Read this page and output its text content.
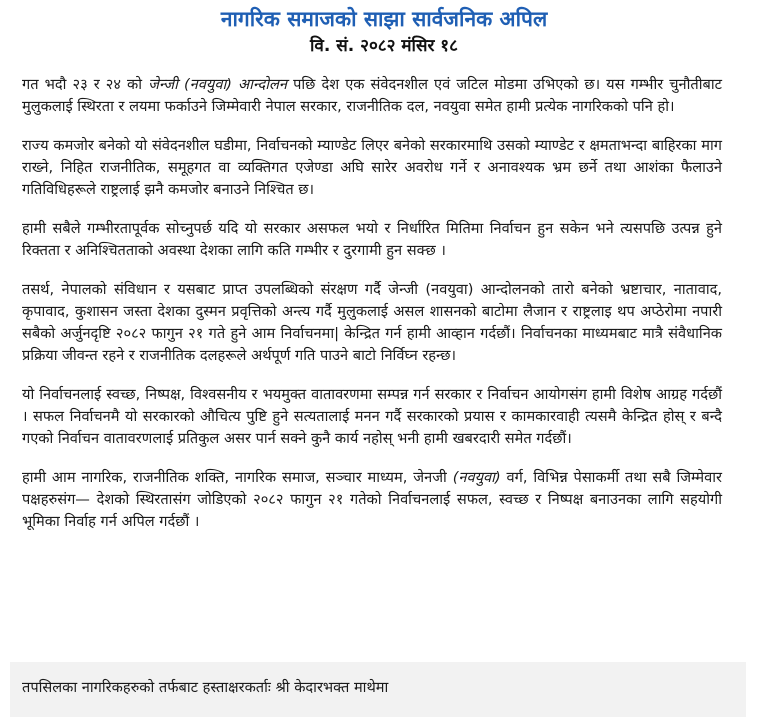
नागरिक समाजको साझा सार्वजनिक अपिल

वि. सं. २०८२ मंसिर १८

गत भदौ २३ र २४ को जेन्जी (नवयुवा) आन्दोलन पछि देश एक संवेदनशील एवं जटिल मोडमा उभिएको छ। यस गम्भीर चुनौतीबाट मुलुकलाई स्थिरता र लयमा फर्काउने जिम्मेवारी नेपाल सरकार, राजनीतिक दल, नवयुवा समेत हामी प्रत्येक नागरिकको पनि हो।

राज्य कमजोर बनेको यो संवेदनशील घडीमा, निर्वाचनको म्याण्डेट लिएर बनेको सरकारमाथि उसको म्याण्डेट र क्षमताभन्दा बाहिरका माग राख्ने, निहित राजनीतिक, समूहगत वा व्यक्तिगत एजेण्डा अघि सारेर अवरोध गर्ने र अनावश्यक भ्रम छर्ने तथा आशंका फैलाउने गतिविधिहरूले राष्ट्रलाई झनै कमजोर बनाउने निश्चित छ।

हामी सबैले गम्भीरतापूर्वक सोच्नुपर्छ यदि यो सरकार असफल भयो र निर्धारित मितिमा निर्वाचन हुन सकेन भने त्यसपछि उत्पन्न हुने रिक्तता र अनिश्चितताको अवस्था देशका लागि कति गम्भीर र दुरगामी हुन सक्छ ।

तसर्थ, नेपालको संविधान र यसबाट प्राप्त उपलब्धिको संरक्षण गर्दै जेन्जी (नवयुवा) आन्दोलनको तारो बनेको भ्रष्टाचार, नातावाद, कृपावाद, कुशासन जस्ता देशका दुस्मन प्रवृत्तिको अन्त्य गर्दै मुलुकलाई असल शासनको बाटोमा लैजान र राष्ट्रलाइ थप अप्ठेरोमा नपारी सबैको अर्जुनदृष्टि २०८२ फागुन २१ गते हुने आम निर्वाचनमा| केन्द्रित गर्न हामी आव्हान गर्दछौं। निर्वाचनका माध्यमबाट मात्रै संवैधानिक प्रक्रिया जीवन्त रहने र राजनीतिक दलहरूले अर्थपूर्ण गति पाउने बाटो निर्विघ्न रहन्छ।

यो निर्वाचनलाई स्वच्छ, निष्पक्ष, विश्वसनीय र भयमुक्त वातावरणमा सम्पन्न गर्न सरकार र निर्वाचन आयोगसंग हामी विशेष आग्रह गर्दछौं । सफल निर्वाचनमै यो सरकारको औचित्य पुष्टि हुने सत्यतालाई मनन गर्दै सरकारको प्रयास र कामकारवाही त्यसमै केन्द्रित होस् र बन्दै गएको निर्वाचन वातावरणलाई प्रतिकुल असर पार्न सक्ने कुनै कार्य नहोस् भनी हामी खबरदारी समेत गर्दछौं।

हामी आम नागरिक, राजनीतिक शक्ति, नागरिक समाज, सञ्चार माध्यम, जेनजी (नवयुवा) वर्ग, विभिन्न पेसाकर्मी तथा सबै जिम्मेवार पक्षहरुसंग— देशको स्थिरतासंग जोडिएको २०८२ फागुन २१ गतेको निर्वाचनलाई सफल, स्वच्छ र निष्पक्ष बनाउनका लागि सहयोगी भूमिका निर्वाह गर्न अपिल गर्दछौं ।

तपसिलका नागरिकहरुको तर्फबाट हस्ताक्षरकर्ताः श्री केदारभक्त माथेमा
